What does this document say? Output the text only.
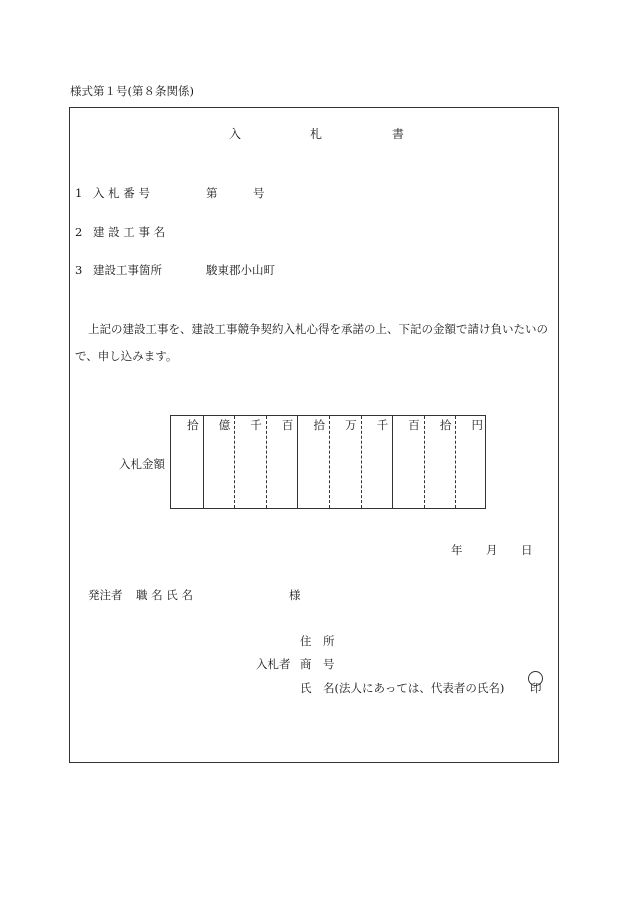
様式第１号(第８条関係)
入	札	書
1 入 札 番 号	第	号
2 建 設 工 事 名
3 建設工事箇所	駿東郡小山町
上記の建設工事を、建設工事競争契約入札心得を承諾の上、下記の金額で請け負いたいの
で、申し込みます。
入札金額
拾 億 千 百 拾 万 千 百 拾 円
年 月 日
発注者 職 名 氏 名	様
住　所
入札者 商　号
氏　名(法人にあっては、代表者の氏名) 印
